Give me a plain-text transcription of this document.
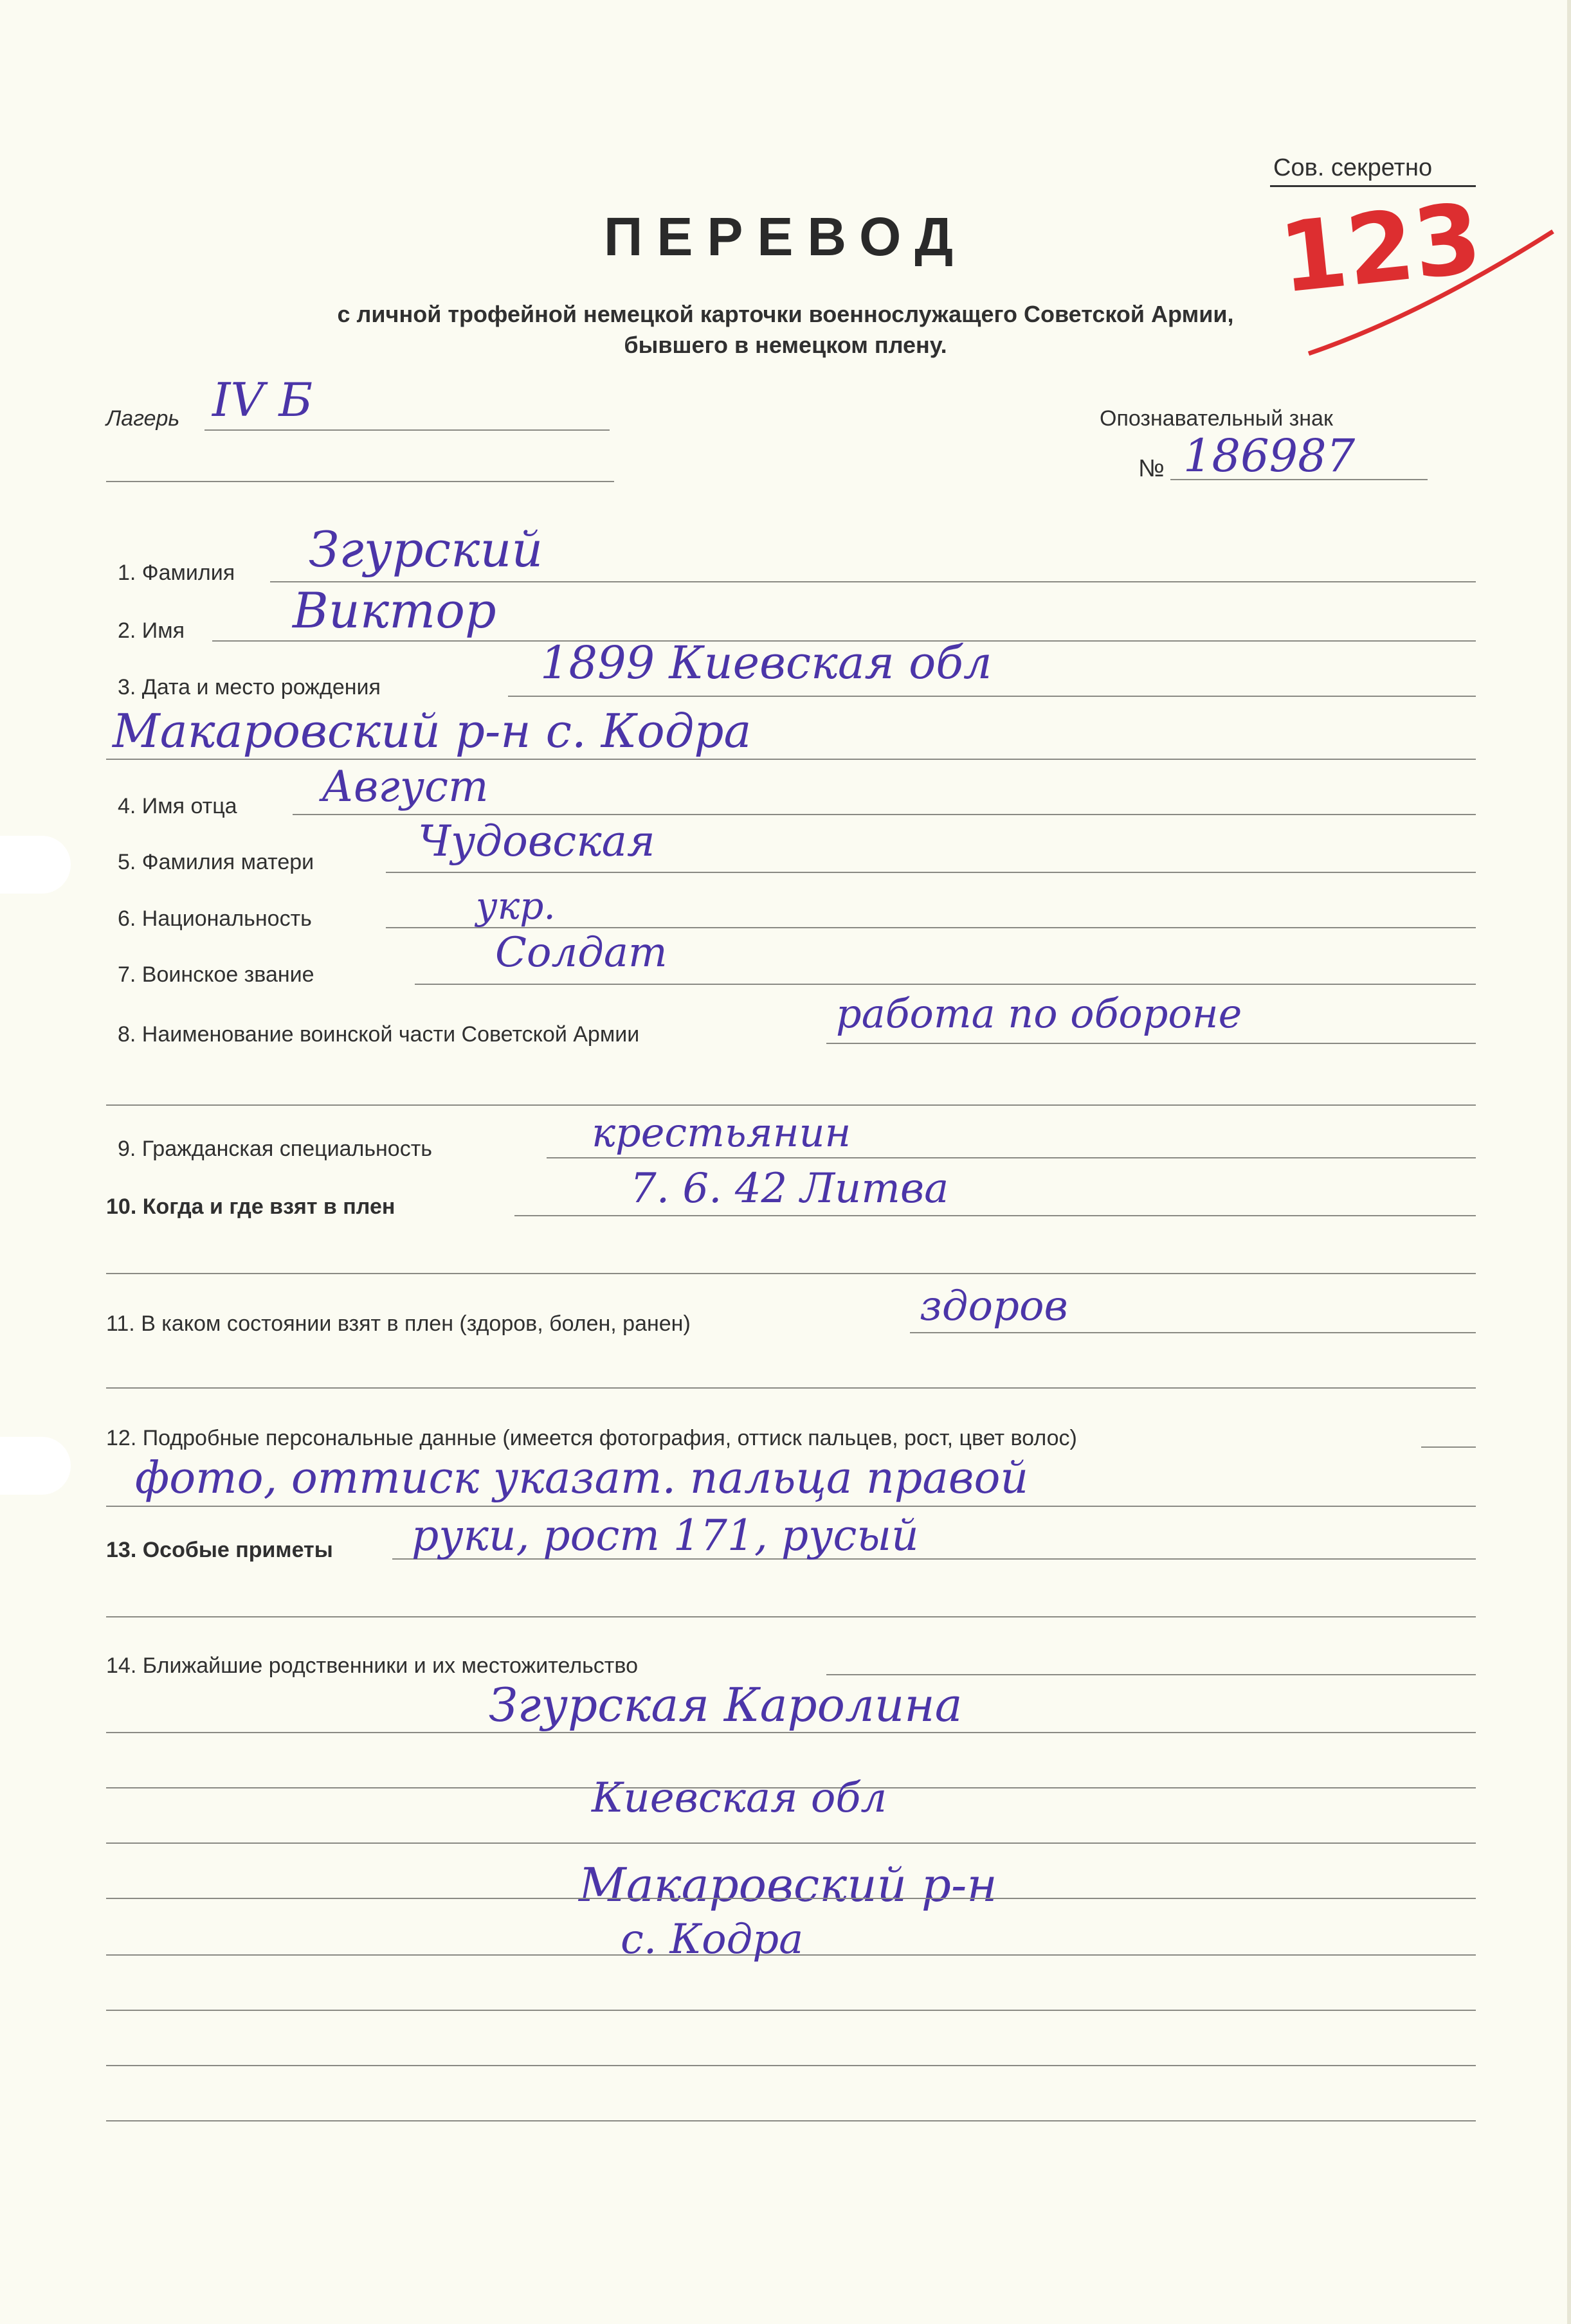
Сов. секретно
123
ПЕРЕВОД
с личной трофейной немецкой карточки военнослужащего Советской Армии,
бывшего в немецком плену.
Лагерь IV Б	Опознавательный знак
№ 186987
1. Фамилия Згурский
2. Имя Виктор
3. Дата и место рождения	1899 Киевская обл
Макаровский р-н с. Кодра
4. Имя отца Август
5. Фамилия матери Чудовская
6. Национальность	укр.
7. Воинское звание	Солдат
8. Наименование воинской части Советской Армии	работа по обороне
9. Гражданская специальность	крестьянин
10. Когда и где взят в плен	7. 6. 42 Литва
11. В каком состоянии взят в плен (здоров, болен, ранен)	здоров
12. Подробные персональные данные (имеется фотография, оттиск пальцев, рост, цвет волос)
фото, оттиск указат. пальца правой
13. Особые приметы руки, рост 171, русый
14. Ближайшие родственники и их местожительство
Згурская Каролина
Киевская обл
Макаровский р-н
с. Кодра
